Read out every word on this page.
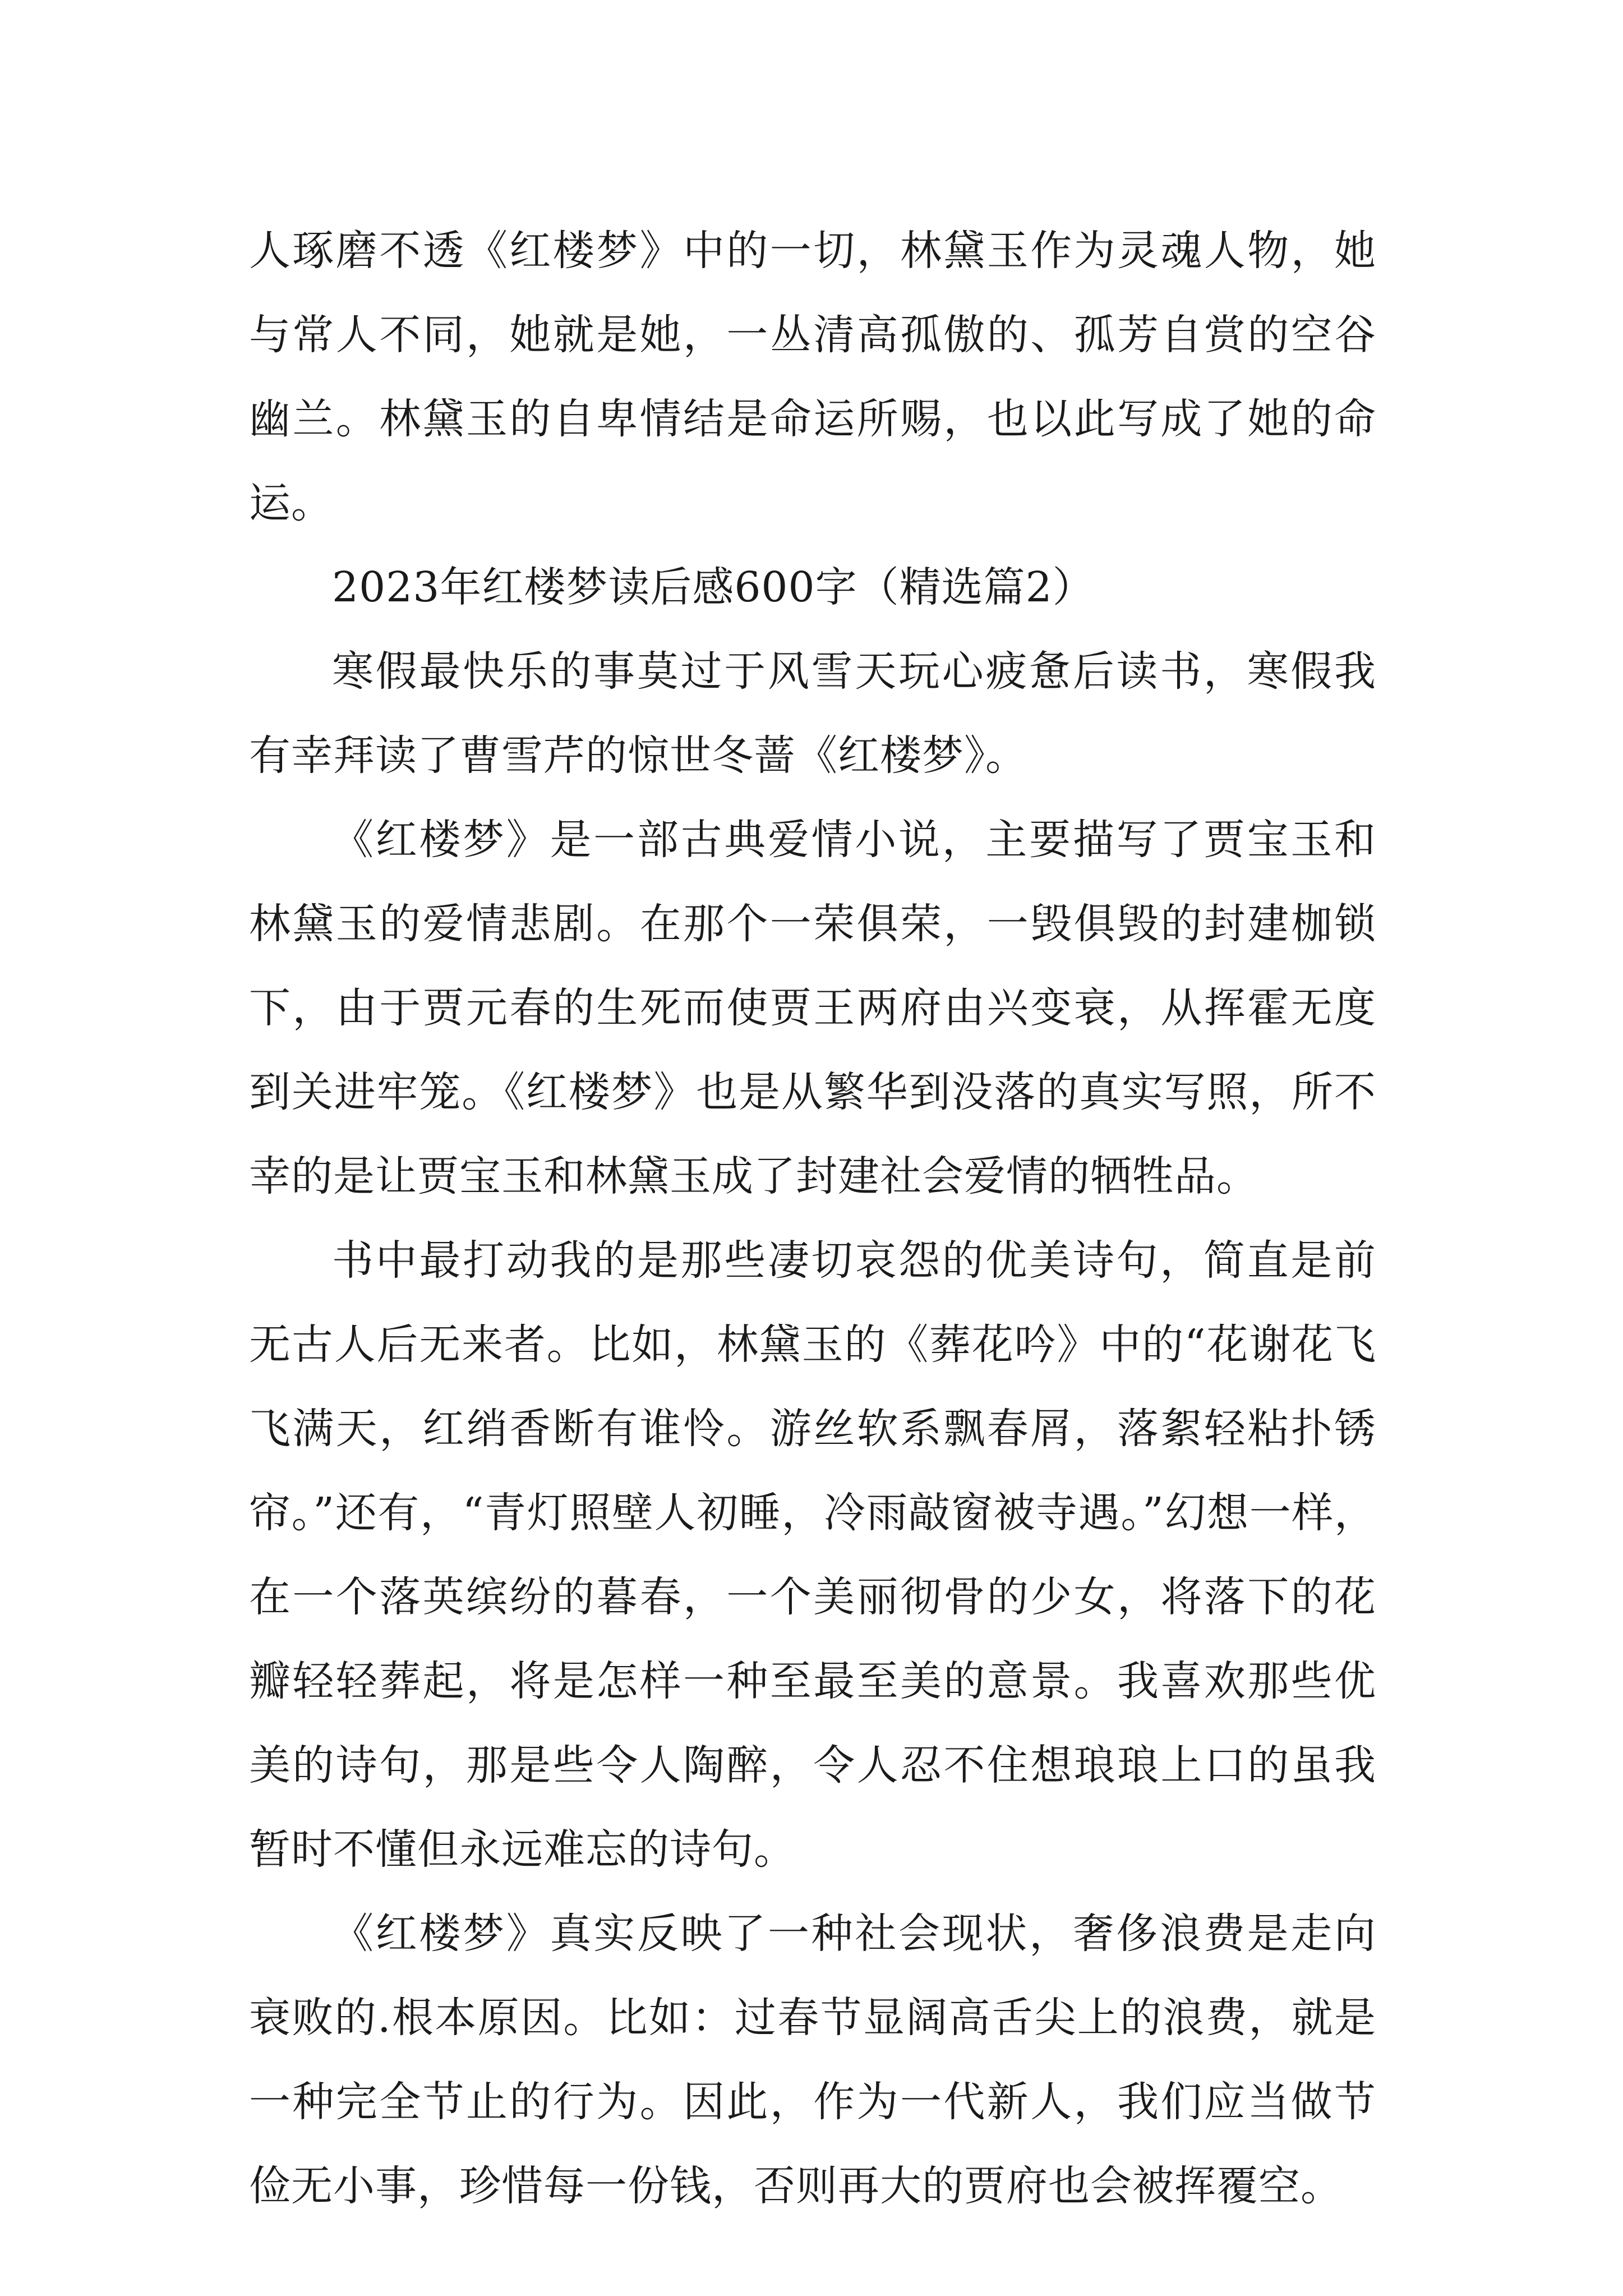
人琢磨不透《红楼梦》中的一切，林黛玉作为灵魂人物，她与常人不同，她就是她，一丛清高孤傲的、孤芳自赏的空谷幽兰。林黛玉的自卑情结是命运所赐，也以此写成了她的命运。

2023年红楼梦读后感600字（精选篇2）

寒假最快乐的事莫过于风雪天玩心疲惫后读书，寒假我有幸拜读了曹雪芹的惊世冬蔷《红楼梦》。

《红楼梦》是一部古典爱情小说，主要描写了贾宝玉和林黛玉的爱情悲剧。在那个一荣俱荣，一毁俱毁的封建枷锁下，由于贾元春的生死而使贾王两府由兴变衰，从挥霍无度到关进牢笼。《红楼梦》也是从繁华到没落的真实写照，所不幸的是让贾宝玉和林黛玉成了封建社会爱情的牺牲品。

书中最打动我的是那些凄切哀怨的优美诗句，简直是前无古人后无来者。比如，林黛玉的《葬花吟》中的“花谢花飞飞满天，红绡香断有谁怜。游丝软系飘春屑，落絮轻粘扑锈帘。”还有，“青灯照壁人初睡，冷雨敲窗被寺遇。”幻想一样，在一个落英缤纷的暮春，一个美丽彻骨的少女，将落下的花瓣轻轻葬起，将是怎样一种至最至美的意景。我喜欢那些优美的诗句，那是些令人陶醉，令人忍不住想琅琅上口的虽我暂时不懂但永远难忘的诗句。

《红楼梦》真实反映了一种社会现状，奢侈浪费是走向衰败的.根本原因。比如：过春节显阔高舌尖上的浪费，就是一种完全节止的行为。因此，作为一代新人，我们应当做节俭无小事，珍惜每一份钱，否则再大的贾府也会被挥覆空。
